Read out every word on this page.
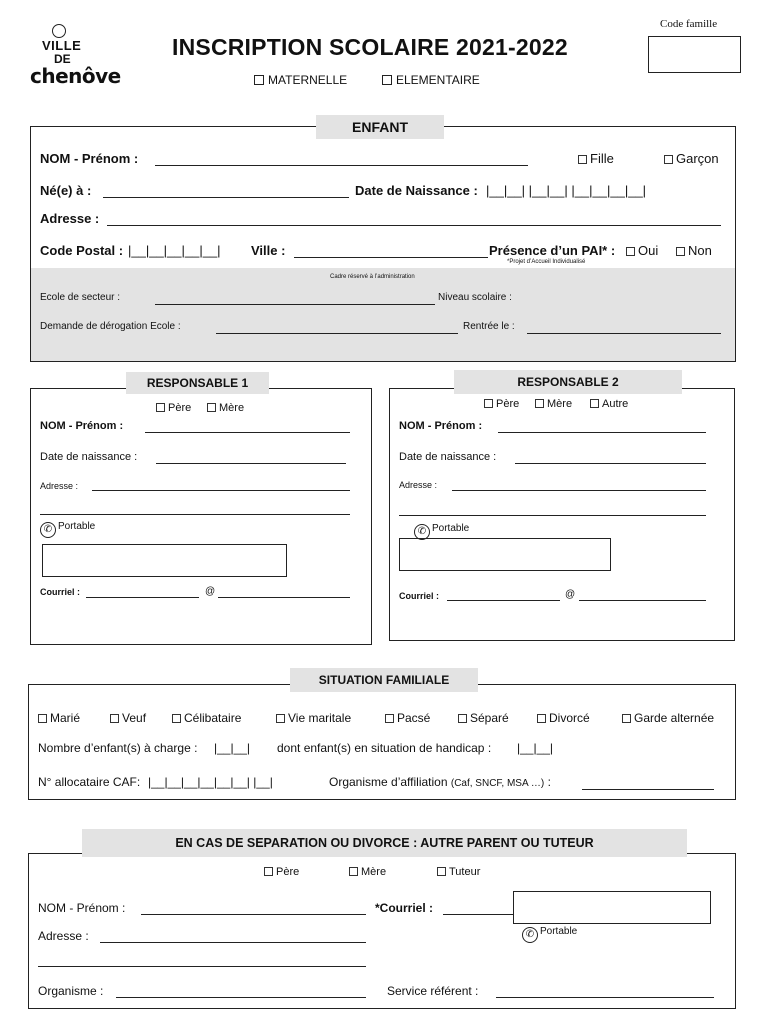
VILLE
DE
chenôve
INSCRIPTION SCOLAIRE 2021-2022
MATERNELLE	ELEMENTAIRE
Code famille
ENFANT
NOM - Prénom :	Fille	Garçon
Né(e) à :	Date de Naissance : |__|__| |__|__| |__|__|__|__|
Adresse :
Code Postal : |__|__|__|__|__| Ville :	Présence d’un PAI* :	Oui	Non
*Projet d’Accueil Individualisé
Cadre réservé à l’administration
Ecole de secteur :	Niveau scolaire :
Demande de dérogation Ecole :	Rentrée le :
RESPONSABLE 1
Père	Mère
NOM - Prénom :
Date de naissance :
Adresse :
✆ Portable
Courriel :	@
RESPONSABLE 2
Père	Mère	Autre
NOM - Prénom :
Date de naissance :
Adresse :
✆ Portable
Courriel :	@
SITUATION FAMILIALE
Marié	Veuf	Célibataire	Vie maritale	Pacsé	Séparé	Divorcé	Garde alternée
Nombre d’enfant(s) à charge : |__|__| dont enfant(s) en situation de handicap : |__|__|
N° allocataire CAF: |__|__|__|__|__|__| |__|	Organisme d’affiliation (Caf, SNCF, MSA …) :
EN CAS DE SEPARATION OU DIVORCE : AUTRE PARENT OU TUTEUR
Père	Mère	Tuteur
NOM - Prénom :	*Courriel :
Adresse :	✆ Portable
Organisme :	Service référent :
